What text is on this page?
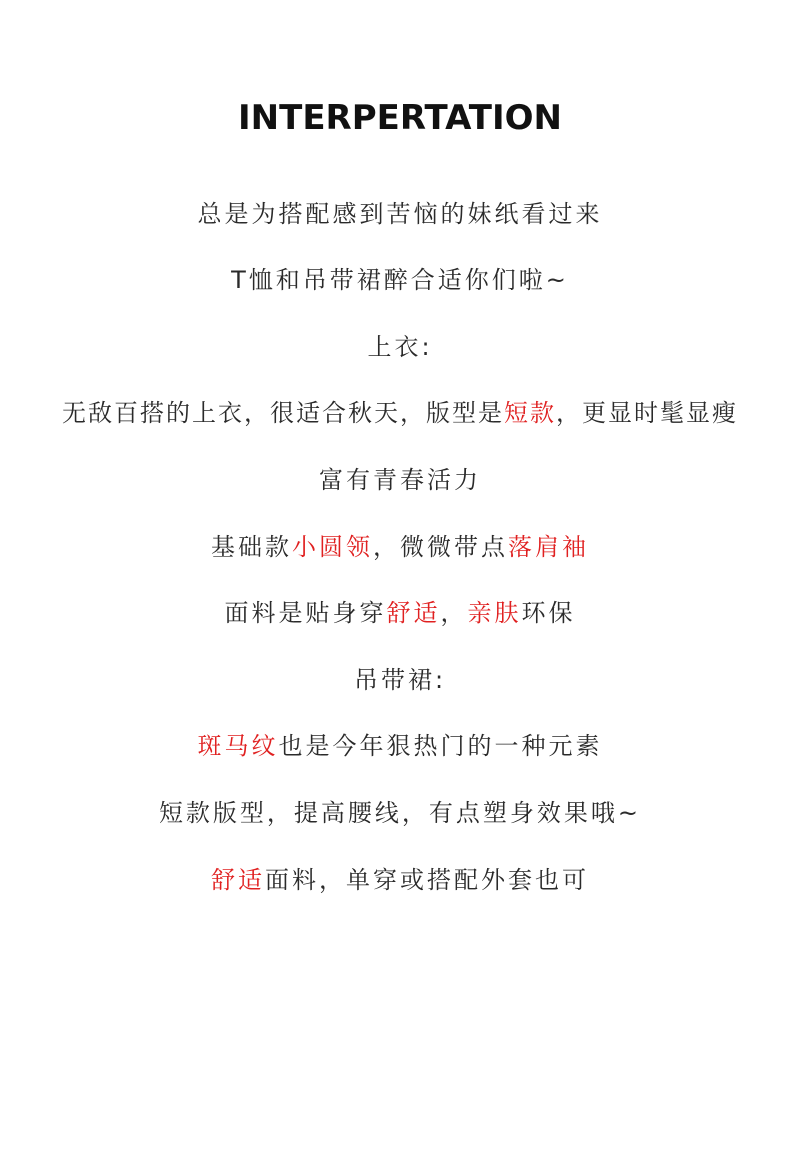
INTERPERTATION
总是为搭配感到苦恼的妹纸看过来
T恤和吊带裙醉合适你们啦~
上衣:
无敌百搭的上衣，很适合秋天，版型是短款，更显时髦显瘦
富有青春活力
基础款小圆领，微微带点落肩袖
面料是贴身穿舒适，亲肤环保
吊带裙:
斑马纹也是今年狠热门的一种元素
短款版型，提高腰线，有点塑身效果哦~
舒适面料，单穿或搭配外套也可
